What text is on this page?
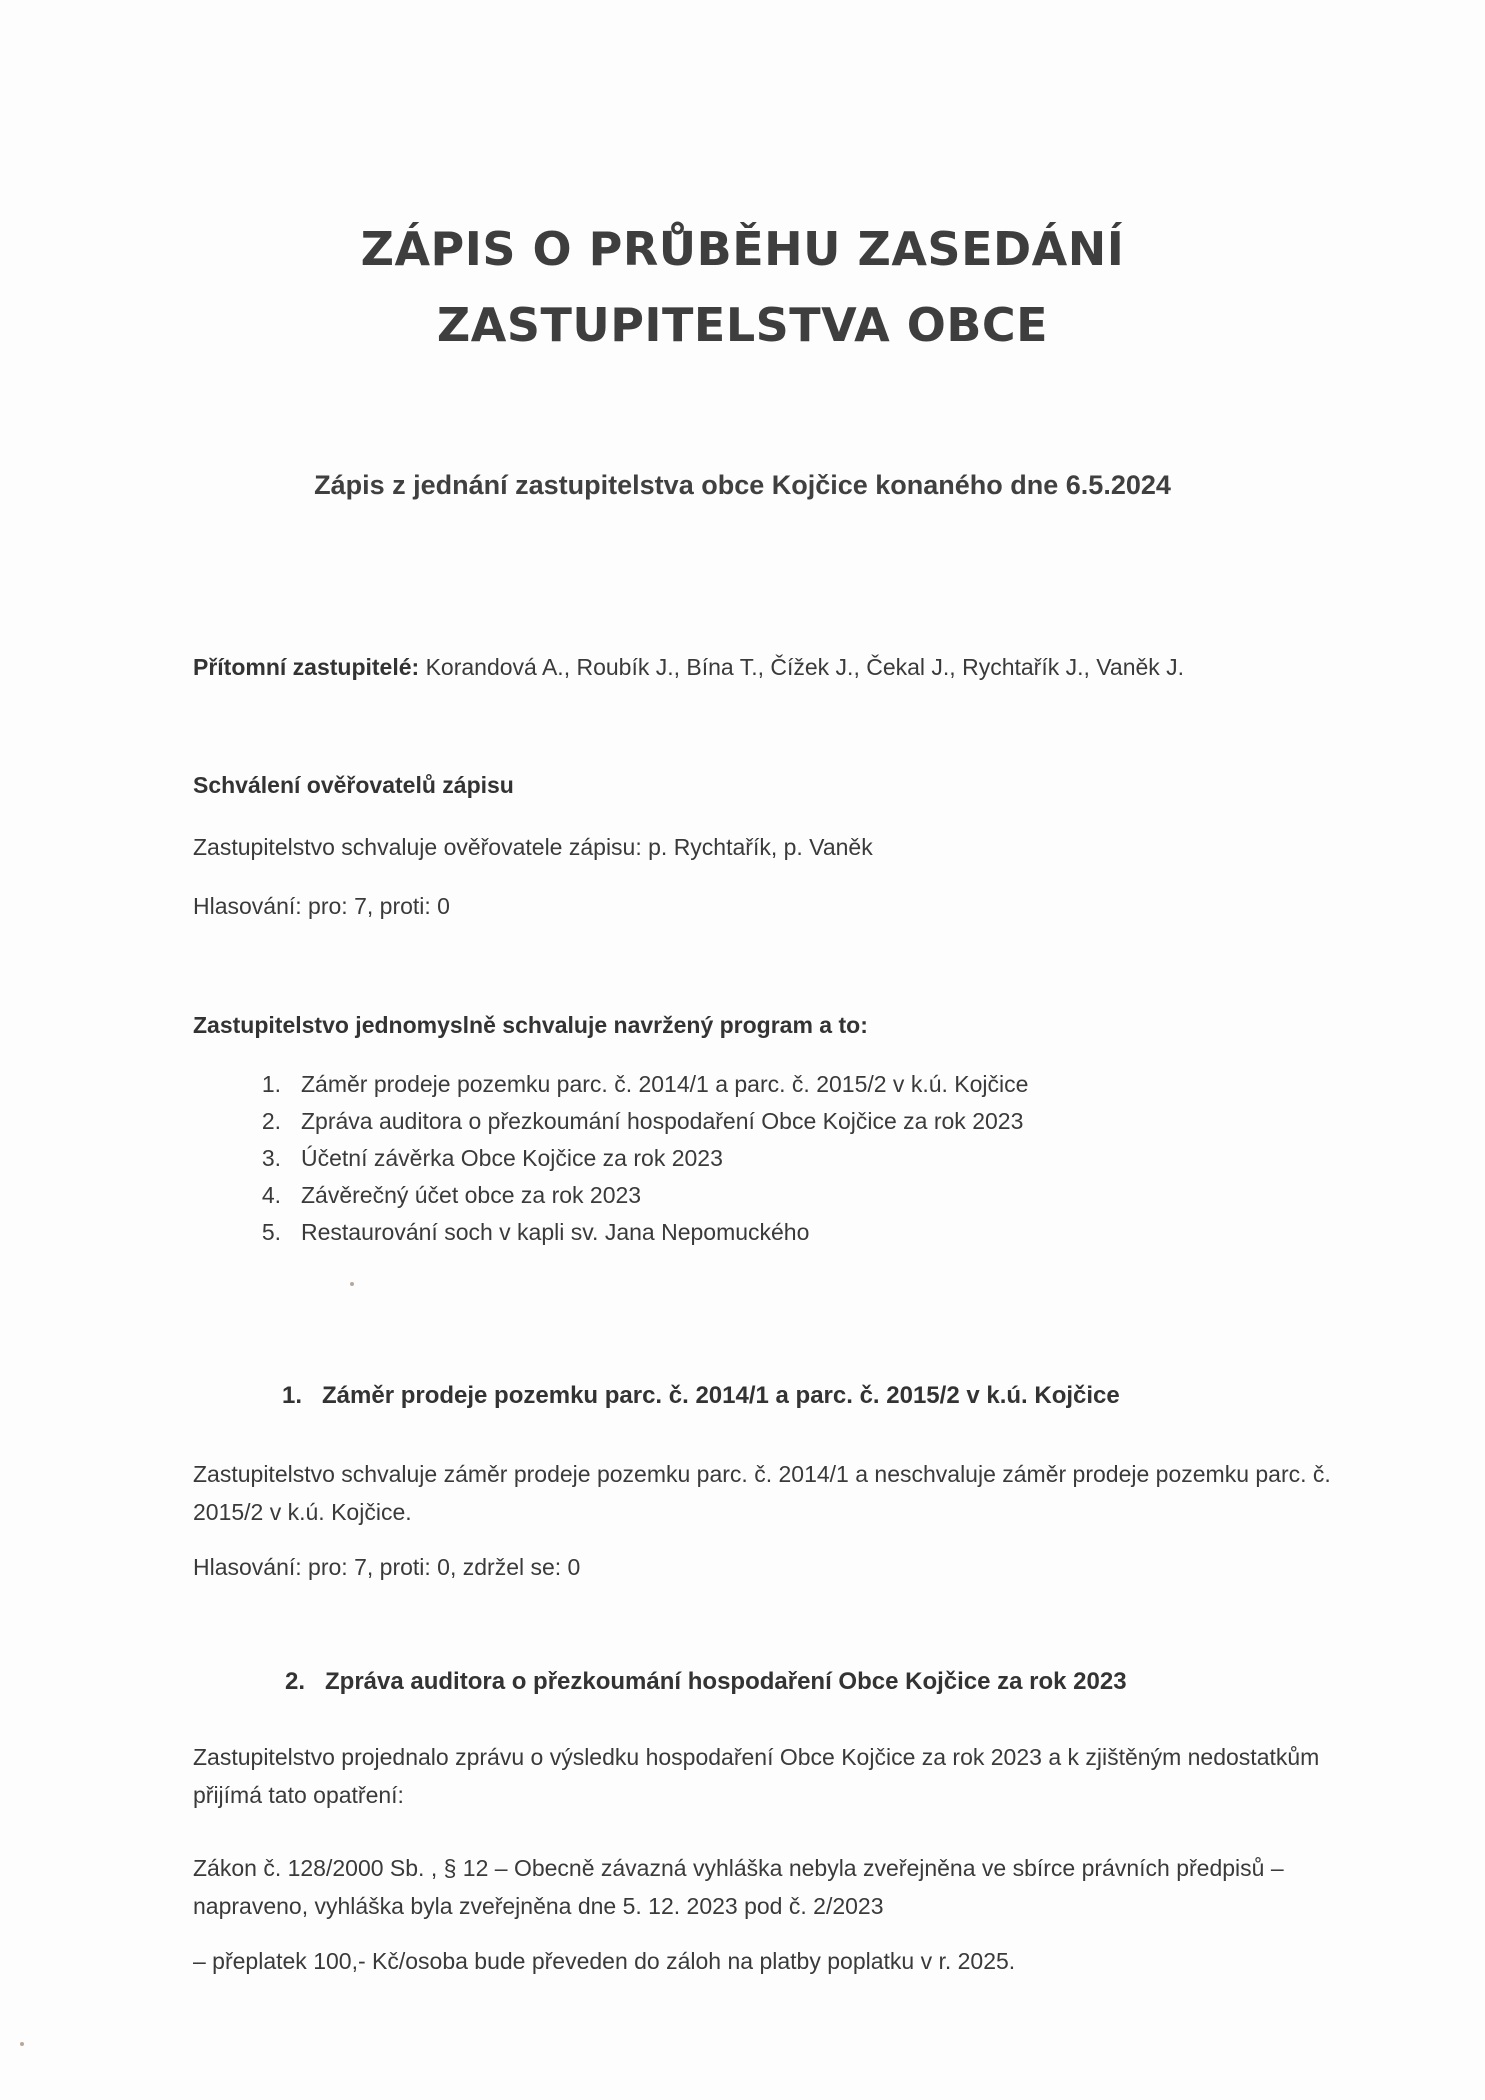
ZÁPIS O PRŮBĚHU ZASEDÁNÍ
ZASTUPITELSTVA OBCE
Zápis z jednání zastupitelstva obce Kojčice konaného dne 6.5.2024

Přítomní zastupitelé: Korandová A., Roubík J., Bína T., Čížek J., Čekal J., Rychtařík J., Vaněk J.

Schválení ověřovatelů zápisu

Zastupitelstvo schvaluje ověřovatele zápisu: p. Rychtařík, p. Vaněk

Hlasování: pro: 7, proti: 0

Zastupitelstvo jednomyslně schvaluje navržený program a to:

1. Záměr prodeje pozemku parc. č. 2014/1 a parc. č. 2015/2 v k.ú. Kojčice
2. Zpráva auditora o přezkoumání hospodaření Obce Kojčice za rok 2023
3. Účetní závěrka Obce Kojčice za rok 2023
4. Závěrečný účet obce za rok 2023
5. Restaurování soch v kapli sv. Jana Nepomuckého
1. Záměr prodeje pozemku parc. č. 2014/1 a parc. č. 2015/2 v k.ú. Kojčice

Zastupitelstvo schvaluje záměr prodeje pozemku parc. č. 2014/1 a neschvaluje záměr prodeje pozemku parc. č. 2015/2 v k.ú. Kojčice.

Hlasování: pro: 7, proti: 0, zdržel se: 0

2. Zpráva auditora o přezkoumání hospodaření Obce Kojčice za rok 2023

Zastupitelstvo projednalo zprávu o výsledku hospodaření Obce Kojčice za rok 2023 a k zjištěným nedostatkům přijímá tato opatření:

Zákon č. 128/2000 Sb. , § 12 – Obecně závazná vyhláška nebyla zveřejněna ve sbírce právních předpisů – napraveno, vyhláška byla zveřejněna dne 5. 12. 2023 pod č. 2/2023

– přeplatek 100,- Kč/osoba bude převeden do záloh na platby poplatku v r. 2025.
